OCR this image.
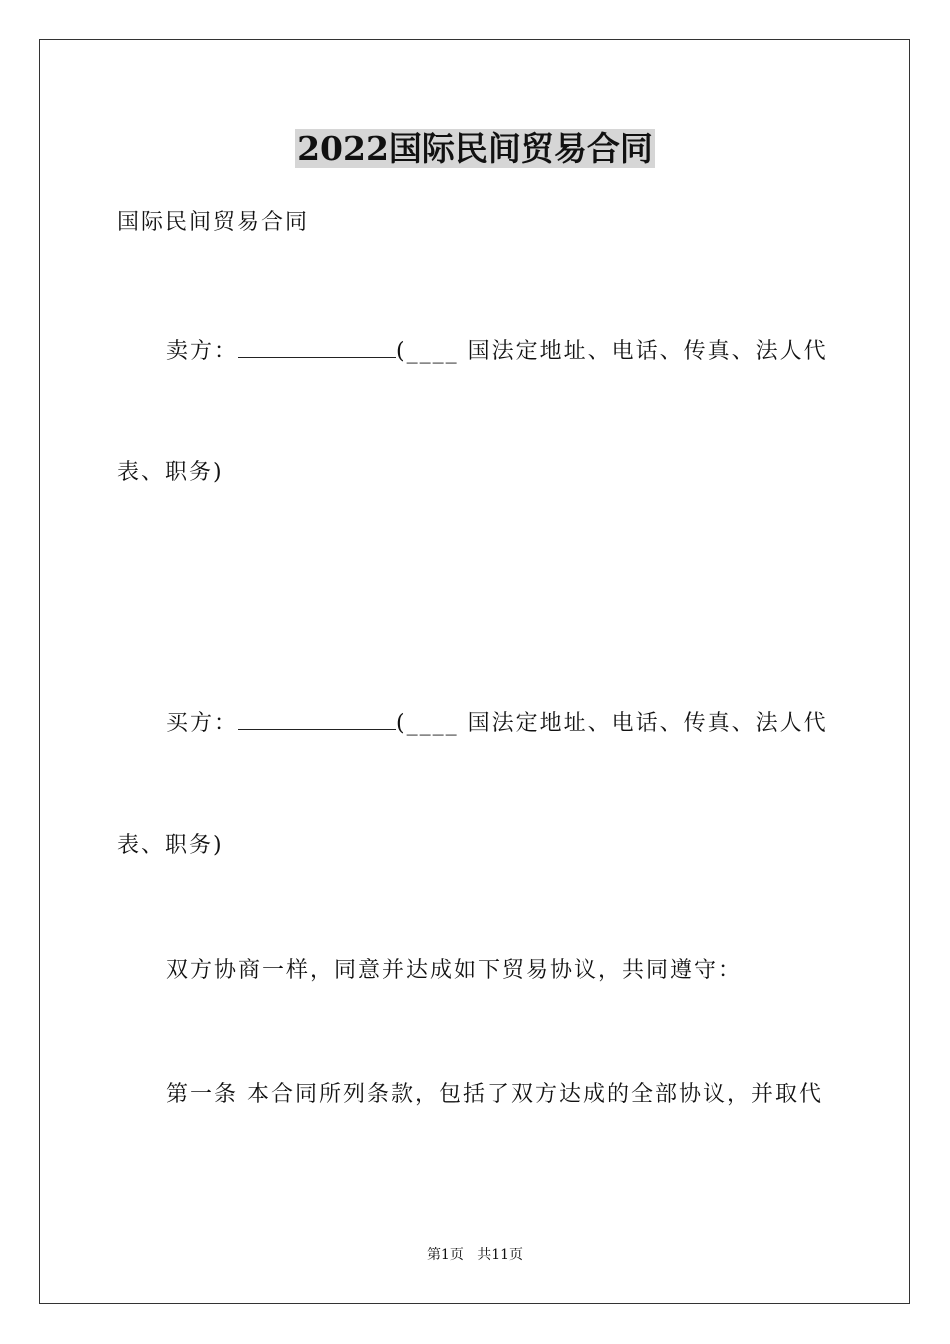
2022国际民间贸易合同
国际民间贸易合同
卖方：	(____ 国法定地址、电话、传真、法人代
表、职务)
买方：	(____ 国法定地址、电话、传真、法人代
表、职务)
双方协商一样，同意并达成如下贸易协议，共同遵守：
第一条 本合同所列条款，包括了双方达成的全部协议，并取代
第1页 共11页
